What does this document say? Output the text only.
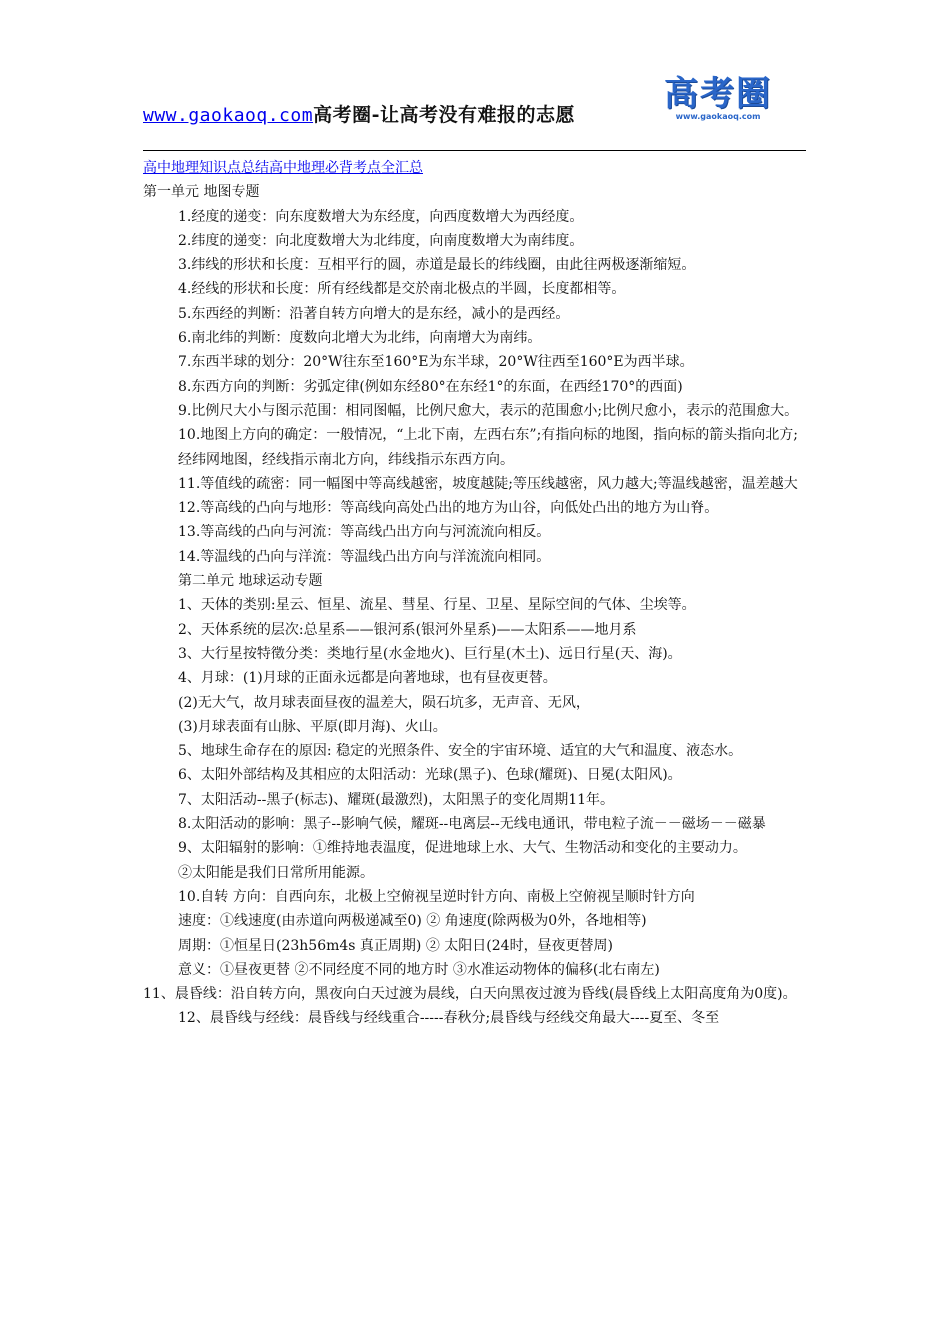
www.gaokaoq.com高考圈-让高考没有难报的志愿
高考圈
www.gaokaoq.com

高中地理知识点总结高中地理必背考点全汇总

第一单元 地图专题

1.经度的递变：向东度数增大为东经度，向西度数增大为西经度。

2.纬度的递变：向北度数增大为北纬度，向南度数增大为南纬度。

3.纬线的形状和长度：互相平行的圆，赤道是最长的纬线圈，由此往两极逐渐缩短。

4.经线的形状和长度：所有经线都是交於南北极点的半圆，长度都相等。

5.东西经的判断：沿著自转方向增大的是东经，减小的是西经。

6.南北纬的判断：度数向北增大为北纬，向南增大为南纬。

7.东西半球的划分：20°W往东至160°E为东半球，20°W往西至160°E为西半球。

8.东西方向的判断：劣弧定律(例如东经80°在东经1°的东面，在西经170°的西面)

9.比例尺大小与图示范围：相同图幅，比例尺愈大，表示的范围愈小;比例尺愈小，表示的范围愈大。

10.地图上方向的确定：一般情况，“上北下南，左西右东”;有指向标的地图，指向标的箭头指向北方;

经纬网地图，经线指示南北方向，纬线指示东西方向。

11.等值线的疏密：同一幅图中等高线越密，坡度越陡;等压线越密，风力越大;等温线越密，温差越大

12.等高线的凸向与地形：等高线向高处凸出的地方为山谷，向低处凸出的地方为山脊。

13.等高线的凸向与河流：等高线凸出方向与河流流向相反。

14.等温线的凸向与洋流：等温线凸出方向与洋流流向相同。

第二单元 地球运动专题

1、天体的类别:星云、恒星、流星、彗星、行星、卫星、星际空间的气体、尘埃等。

2、天体系统的层次:总星系——银河系(银河外星系)——太阳系——地月系

3、大行星按特徵分类：类地行星(水金地火)、巨行星(木土)、远日行星(天、海)。

4、月球：(1)月球的正面永远都是向著地球，也有昼夜更替。

(2)无大气，故月球表面昼夜的温差大，陨石坑多，无声音、无风，

(3)月球表面有山脉、平原(即月海)、火山。

5、地球生命存在的原因: 稳定的光照条件、安全的宇宙环境、适宜的大气和温度、液态水。

6、太阳外部结构及其相应的太阳活动：光球(黑子)、色球(耀斑)、日冕(太阳风)。

7、太阳活动--黑子(标志)、耀斑(最激烈)，太阳黑子的变化周期11年。

8.太阳活动的影响：黑子--影响气候，耀斑--电离层--无线电通讯，带电粒子流－－磁场－－磁暴

9、太阳辐射的影响：①维持地表温度，促进地球上水、大气、生物活动和变化的主要动力。

②太阳能是我们日常所用能源。

10.自转 方向：自西向东，北极上空俯视呈逆时针方向、南极上空俯视呈顺时针方向

速度：①线速度(由赤道向两极递减至0) ② 角速度(除两极为0外，各地相等)

周期：①恒星日(23h56m4s 真正周期) ② 太阳日(24时，昼夜更替周)

意义：①昼夜更替 ②不同经度不同的地方时 ③水准运动物体的偏移(北右南左)

11、晨昏线：沿自转方向，黑夜向白天过渡为晨线，白天向黑夜过渡为昏线(晨昏线上太阳高度角为0度)。

12、晨昏线与经线：晨昏线与经线重合-----春秋分;晨昏线与经线交角最大----夏至、冬至
